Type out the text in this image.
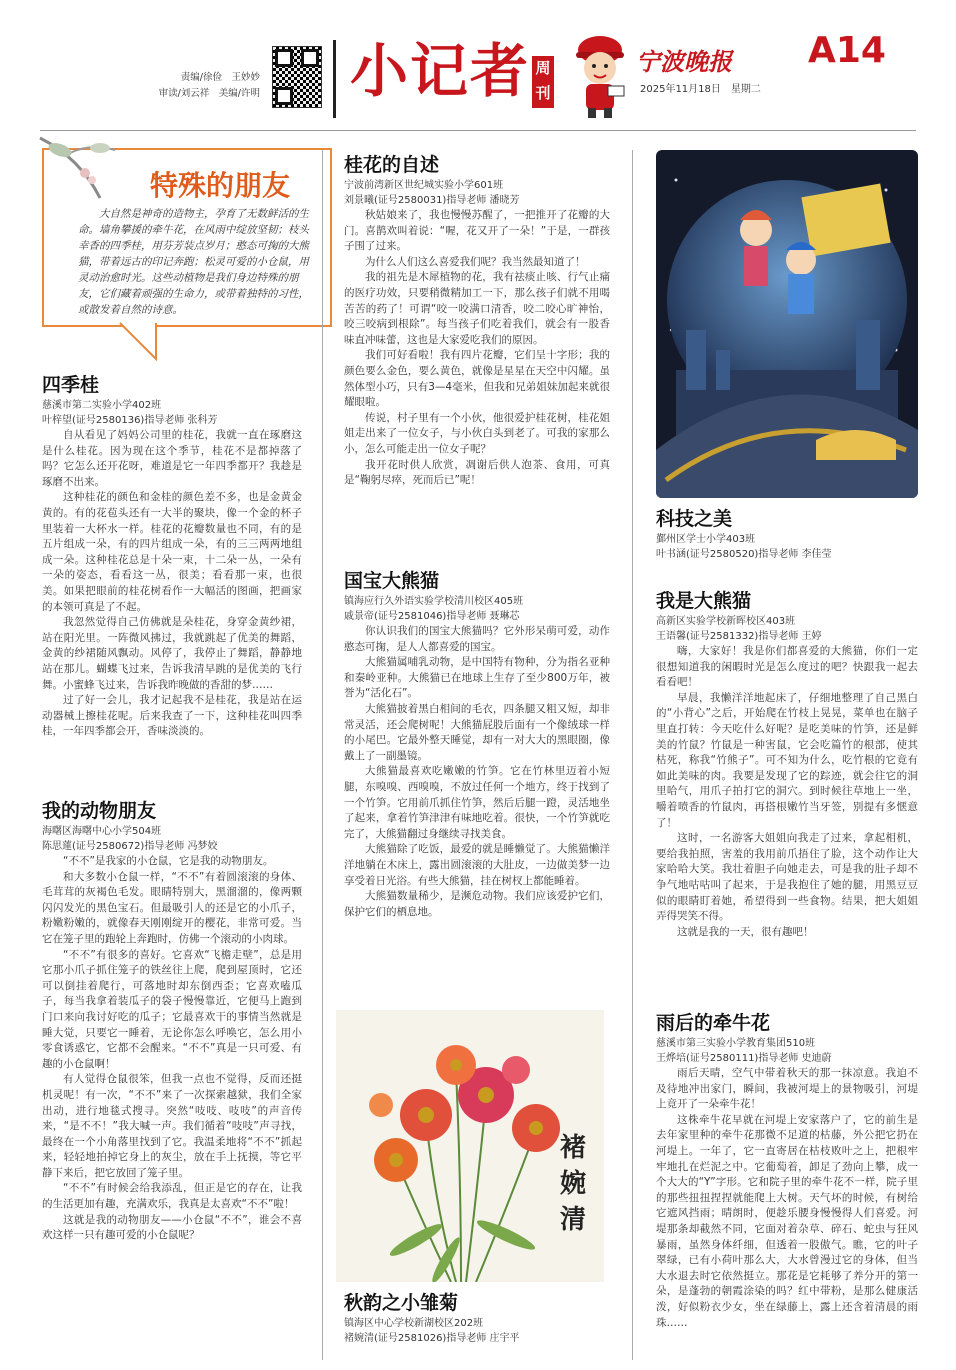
责编/徐俭　王妙妙
审读/刘云祥　美编/许明 小记者 周
刊
宁波晚报
2025年11月18日　星期二
A14
特殊的朋友
大自然是神奇的造物主，孕育了无数鲜活的生命。墙角攀援的牵牛花，在风雨中绽放坚韧；枝头幸香的四季桂，用芬芳装点岁月；憨态可掬的大熊猫，带着远古的印记奔跑；松灵可爱的小仓鼠，用灵动治愈时光。这些动植物是我们身边特殊的朋友，它们藏着顽强的生命力，或带着独特的习性，或散发着自然的诗意。
四季桂
慈溪市第二实验小学402班
叶梓望(证号2580136)指导老师 张科芳

自从看见了妈妈公司里的桂花，我就一直在琢磨这是什么桂花。因为现在这个季节，桂花不是都掉落了吗？它怎么还开花呀，难道是它一年四季都开？我趁是琢磨不出来。

这种桂花的颜色和金桂的颜色差不多，也是金黄金黄的。有的花苞头还有一大半的聚块，像一个金的杯子里装着一大杯水一样。桂花的花瓣数量也不同，有的是五片组成一朵，有的四片组成一朵，有的三三两两地组成一朵。这种桂花总是十朵一束，十二朵一丛，一朵有一朵的姿态，看看这一丛，很美；看看那一束，也很美。如果把眼前的桂花树看作一大幅活的图画，把画家的本领可真是了不起。

我忽然觉得自己仿佛就是朵桂花，身穿金黄纱裙，站在阳光里。一阵微风拂过，我就跳起了优美的舞蹈，金黄的纱裙随风飘动。风停了，我停止了舞蹈，静静地站在那儿。蝴蝶飞过来，告诉我清早跳的是优美的飞行舞。小蜜蜂飞过来，告诉我昨晚做的香甜的梦……

过了好一会儿，我才记起我不是桂花，我是站在运动器械上擦桂花呢。后来我查了一下，这种桂花叫四季桂，一年四季都会开，香味淡淡的。

我的动物朋友
海曙区海曙中心小学504班
陈思蓮(证号2580672)指导老师 冯梦姣

“不不”是我家的小仓鼠，它是我的动物朋友。

和大多数小仓鼠一样，“不不”有着圆滚滚的身体、毛茸茸的灰褐色毛发。眼睛特别大，黑溜溜的，像两颗闪闪发光的黑色宝石。但最吸引人的还是它的小爪子，粉嫩粉嫩的，就像春天刚刚绽开的樱花，非常可爱。当它在笼子里的跑轮上奔跑时，仿佛一个滚动的小肉球。

“不不”有很多的喜好。它喜欢“飞檐走壁”，总是用它那小爪子抓住笼子的铁丝往上爬，爬到屋顶时，它还可以倒挂着爬行，可落地时却东倒西歪；它喜欢嗑瓜子，每当我拿着装瓜子的袋子慢慢靠近，它便马上跑到门口来向我讨好吃的瓜子；它最喜欢干的事情当然就是睡大觉，只要它一睡着，无论你怎么呼唤它，怎么用小零食诱惑它，它都不会醒来。“不不”真是一只可爱、有趣的小仓鼠啊！

有人觉得仓鼠很笨，但我一点也不觉得，反而还挺机灵呢！有一次，“不不”来了一次探索越狱，我们全家出动，进行地毯式搜寻。突然“吱吱、吱吱”的声音传来，“是不不！”我大喊一声。我们循着“吱吱”声寻找，最终在一个小角落里找到了它。我温柔地将“不不”抓起来，轻轻地拍掉它身上的灰尘，放在手上抚摸，等它平静下来后，把它放回了笼子里。

“不不”有时候会给我添乱，但正是它的存在，让我的生活更加有趣，充满欢乐，我真是太喜欢“不不”啦！

这就是我的动物朋友——小仓鼠“不不”，谁会不喜欢这样一只有趣可爱的小仓鼠呢？

桂花的自述
宁波前湾新区世纪城实验小学601班
刘景曦(证号2580031)指导老师 潘晓芳

秋姑娘来了，我也慢慢苏醒了，一把推开了花瓣的大门。喜鹊欢叫着说：“喔，花又开了一朵！”于是，一群孩子围了过来。

为什么人们这么喜爱我们呢？我当然最知道了！

我的祖先是木犀植物的花，我有祛痰止咳、行气止痛的医疗功效，只要稍微精加工一下，那么孩子们就不用喝苦苦的药了！可谓“咬一咬满口清香，咬二咬心旷神怡，咬三咬病到根除”。每当孩子们吃着我们，就会有一股香味直冲味蕾，这也是大家爱吃我们的原因。

我们可好看啦！我有四片花瓣，它们呈十字形；我的颜色要么金色，要么黄色，就像是星星在天空中闪耀。虽然体型小巧，只有3—4毫米，但我和兄弟姐妹加起来就很耀眼啦。

传说，村子里有一个小伙，他很爱护桂花树，桂花姐姐走出来了一位女子，与小伙白头到老了。可我的家那么小，怎么可能走出一位女子呢？

我开花时供人欣赏，凋谢后供人泡茶、食用，可真是“鞠躬尽瘁，死而后已”呢！

国宝大熊猫
镇海应行久外语实验学校清川校区405班
戚景帝(证号2581046)指导老师 聂琳芯

你认识我们的国宝大熊猫吗？它外形呆萌可爱，动作憨态可掬，是人人都喜爱的国宝。

大熊猫属哺乳动物，是中国特有物种，分为指名亚种和秦岭亚种。大熊猫已在地球上生存了至少800万年，被誉为“活化石”。

大熊猫披着黑白相间的毛衣，四条腿又粗又短，却非常灵活，还会爬树呢！大熊猫屁股后面有一个像绒球一样的小尾巴。它最外整天睡觉，却有一对大大的黑眼圈，像戴上了一副墨镜。

大熊猫最喜欢吃嫩嫩的竹笋。它在竹林里迈着小短腿，东嗅嗅、西嗅嗅，不放过任何一个地方，终于找到了一个竹笋。它用前爪抓住竹笋，然后后腿一蹬，灵活地坐了起来，拿着竹笋津津有味地吃着。很快，一个竹笋就吃完了，大熊猫翻过身继续寻找美食。

大熊猫除了吃饭，最爱的就是睡懒觉了。大熊猫懒洋洋地躺在木床上，露出圆滚滚的大肚皮，一边做美梦一边享受着日光浴。有些大熊猫，挂在树杈上都能睡着。

大熊猫数量稀少，是濒危动物。我们应该爱护它们，保护它们的栖息地。

褚婉清
秋韵之小雏菊
镇海区中心学校新湖校区202班
褚婉清(证号2581026)指导老师 庄宇平
科技之美
鄞州区学士小学403班
叶书涵(证号2580520)指导老师 李佳莹
我是大熊猫
高新区实验学校新晖校区403班
王语馨(证号2581332)指导老师 王婷

嗨，大家好！我是你们都喜爱的大熊猫，你们一定很想知道我的闲暇时光是怎么度过的吧？快跟我一起去看看吧！

早晨，我懒洋洋地起床了，仔细地整理了自己黑白的“小背心”之后，开始爬在竹枝上晃晃，菜单也在脑子里直打转：今天吃什么好呢？是吃美味的竹笋，还是鲜美的竹鼠？竹鼠是一种害鼠，它会吃篇竹的根部，使其枯死，称我“竹熊子”。可不知为什么，吃竹根的它竟有如此美味的肉。我要是发现了它的踪迹，就会往它的洞里哈气，用爪子拍打它的洞穴。到时候往草地上一坐，嚼着喷香的竹鼠肉，再搭根嫩竹当牙签，别提有多惬意了！

这时，一名游客大姐姐向我走了过来，拿起相机，要给我拍照，害羞的我用前爪捂住了脸，这个动作让大家哈哈大笑。我壮着胆子向她走去，可是我的肚子却不争气地咕咕叫了起来，于是我抱住了她的腿，用黑豆豆似的眼睛盯着她，希望得到一些食物。结果，把大姐姐弄得哭笑不得。

这就是我的一天，很有趣吧！

雨后的牵牛花
慈溪市第三实验小学教育集团510班
王烨培(证号2580111)指导老师 史迪蔚

雨后天晴，空气中带着秋天的那一抹凉意。我迫不及待地冲出家门，瞬间，我被河堤上的景物吸引，河堤上竟开了一朵牵牛花！

这株牵牛花早就在河堤上安家落户了，它的前生是去年家里种的牵牛花那微不足道的枯藤，外公把它扔在河堤上。一年了，它一直寄居在枯枝败叶之上，把根牢牢地扎在烂泥之中。它葡萄着，卸足了劲向上攀，成一个大大的“Y”字形。它和院子里的牵牛花不一样，院子里的那些扭扭捏捏就能爬上大树。天气坏的时候，有树给它遮风挡雨；晴朗时，便趁乐腰身慢慢得人们喜爱。河堤那条却截然不同，它面对着杂草、碎石、蛇虫与狂风暴雨，虽然身体纤细，但透着一股傲气。瞧，它的叶子翠绿，已有小荷叶那么大，大水曾漫过它的身体，但当大水退去时它依然挺立。那花是它耗够了养分开的第一朵，是蓬勃的朝霞涂染的吗？红中带粉，是那么健康活泼，好似粉衣少女，坐在绿藤上，露上还含着清晨的雨珠……
